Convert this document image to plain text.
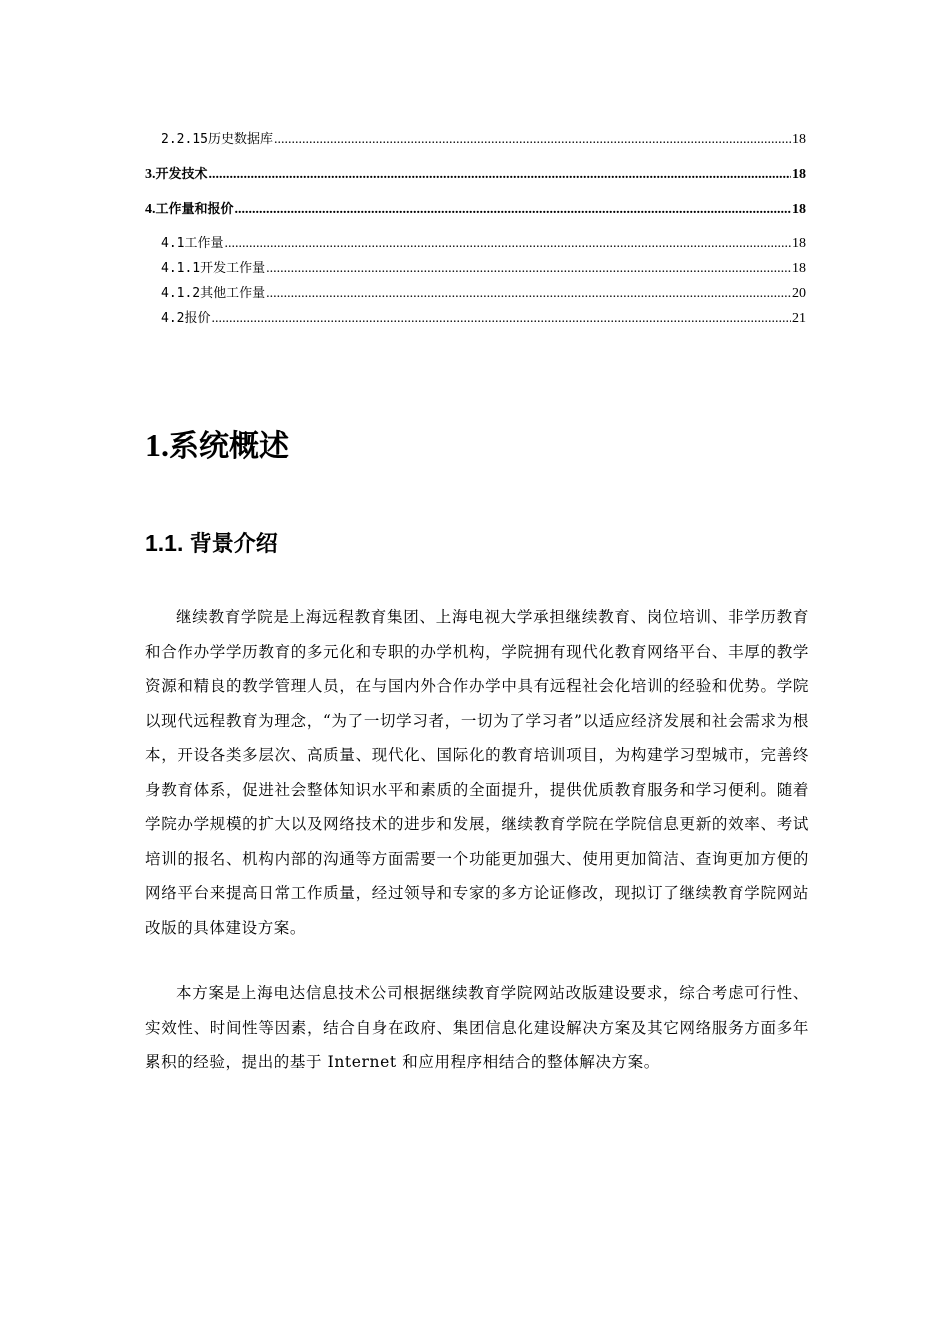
2.2.15历史数据库 .....	18
3.开发技术 .....	18
4.工作量和报价 .....	18
4.1工作量 .....	18
4.1.1开发工作量 .....	18
4.1.2其他工作量 .....	20
4.2报价 .....	21
1.系统概述
1.1. 背景介绍

继续教育学院是上海远程教育集团、上海电视大学承担继续教育、岗位培训、非学历教育和合作办学学历教育的多元化和专职的办学机构，学院拥有现代化教育网络平台、丰厚的教学资源和精良的教学管理人员，在与国内外合作办学中具有远程社会化培训的经验和优势。学院以现代远程教育为理念，“为了一切学习者，一切为了学习者”以适应经济发展和社会需求为根本，开设各类多层次、高质量、现代化、国际化的教育培训项目，为构建学习型城市，完善终身教育体系，促进社会整体知识水平和素质的全面提升，提供优质教育服务和学习便利。随着学院办学规模的扩大以及网络技术的进步和发展，继续教育学院在学院信息更新的效率、考试培训的报名、机构内部的沟通等方面需要一个功能更加强大、使用更加简洁、查询更加方便的网络平台来提高日常工作质量，经过领导和专家的多方论证修改，现拟订了继续教育学院网站改版的具体建设方案。

本方案是上海电达信息技术公司根据继续教育学院网站改版建设要求，综合考虑可行性、实效性、时间性等因素，结合自身在政府、集团信息化建设解决方案及其它网络服务方面多年累积的经验，提出的基于 Internet 和应用程序相结合的整体解决方案。
